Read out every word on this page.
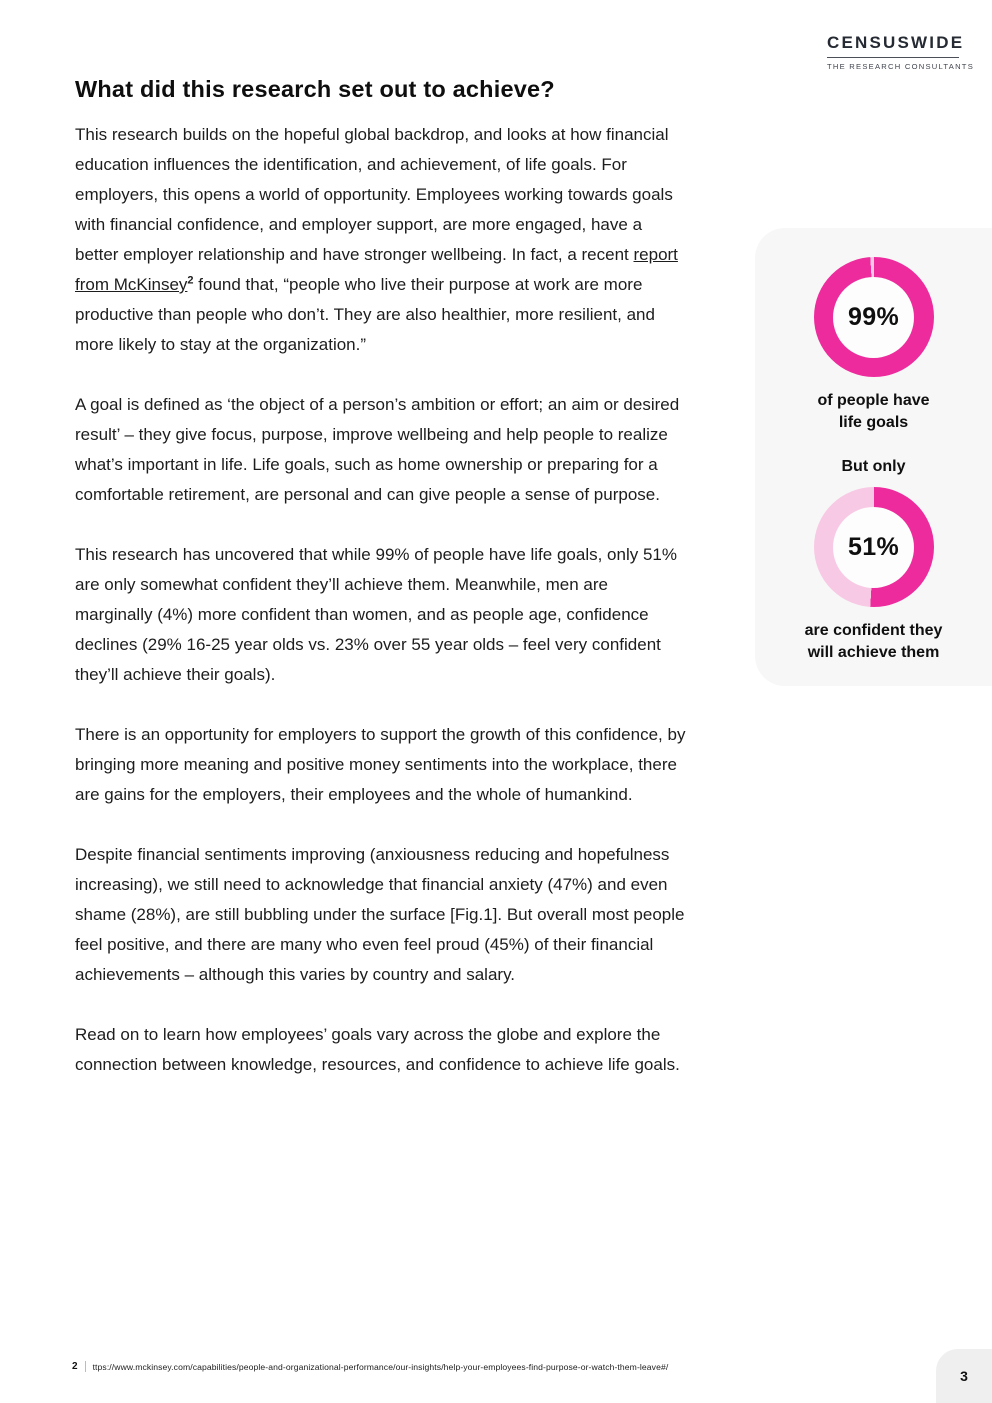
CENSUSWIDE
THE RESEARCH CONSULTANTS
What did this research set out to achieve?

This research builds on the hopeful global backdrop, and looks at how financial education influences the identification, and achievement, of life goals. For employers, this opens a world of opportunity. Employees working towards goals with financial confidence, and employer support, are more engaged, have a better employer relationship and have stronger wellbeing. In fact, a recent report from McKinsey$^2$ found that, “people who live their purpose at work are more productive than people who don’t. They are also healthier, more resilient, and more likely to stay at the organization.”

A goal is defined as ‘the object of a person’s ambition or effort; an aim or desired result’ – they give focus, purpose, improve wellbeing and help people to realize what’s important in life. Life goals, such as home ownership or preparing for a comfortable retirement, are personal and can give people a sense of purpose.

This research has uncovered that while 99% of people have life goals, only 51% are only somewhat confident they’ll achieve them. Meanwhile, men are marginally (4%) more confident than women, and as people age, confidence declines (29% 16-25 year olds vs. 23% over 55 year olds – feel very confident they’ll achieve their goals).

There is an opportunity for employers to support the growth of this confidence, by bringing more meaning and positive money sentiments into the workplace, there are gains for the employers, their employees and the whole of humankind.

Despite financial sentiments improving (anxiousness reducing and hopefulness increasing), we still need to acknowledge that financial anxiety (47%) and even shame (28%), are still bubbling under the surface [Fig.1]. But overall most people feel positive, and there are many who even feel proud (45%) of their financial achievements – although this varies by country and salary.

Read on to learn how employees’ goals vary across the globe and explore the connection between knowledge, resources, and confidence to achieve life goals.

99%
of people have
life goals
But only
51%
are confident they
will achieve them
2 ttps://www.mckinsey.com/capabilities/people-and-organizational-performance/our-insights/help-your-employees-find-purpose-or-watch-them-leave#/
3
